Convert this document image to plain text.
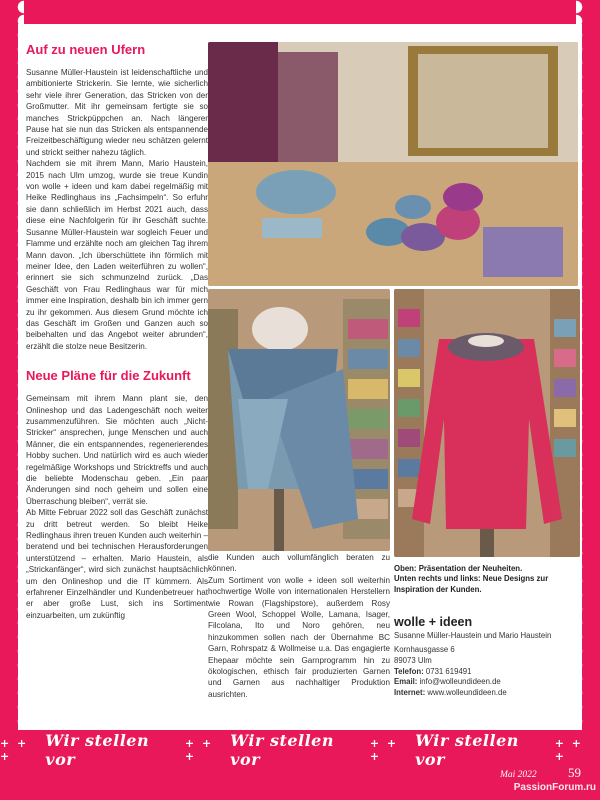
Auf zu neuen Ufern

Susanne Müller-Haustein ist leidenschaftliche und ambitionierte Strickerin. Sie lernte, wie sicherlich sehr viele ihrer Generation, das Stricken von der Großmutter. Mit ihr gemeinsam fertigte sie so manches Strickpüppchen an. Nach längerer Pause hat sie nun das Stricken als entspannende Freizeitbeschäftigung wieder neu schätzen gelernt und strickt seither nahezu täglich.

Nachdem sie mit ihrem Mann, Mario Haustein, 2015 nach Ulm umzog, wurde sie treue Kundin von wolle + ideen und kam dabei regelmäßig mit Heike Redlinghaus ins „Fachsimpeln“. So erfuhr sie dann schließlich im Herbst 2021 auch, dass diese eine Nachfolgerin für ihr Geschäft suchte. Susanne Müller-Haustein war sogleich Feuer und Flamme und erzählte noch am gleichen Tag ihrem Mann davon. „Ich überschüttete ihn förmlich mit meiner Idee, den Laden weiterführen zu wollen“, erinnert sie sich schmunzelnd zurück. „Das Geschäft von Frau Redlinghaus war für mich immer eine Inspiration, deshalb bin ich immer gern zu ihr gekommen. Aus diesem Grund möchte ich das Geschäft im Großen und Ganzen auch so beibehalten und das Angebot weiter abrunden“, erzählt die stolze neue Besitzerin.

Neue Pläne für die Zukunft

Gemeinsam mit ihrem Mann plant sie, den Onlineshop und das Ladengeschäft noch weiter zusammenzuführen. Sie möchten auch „Nicht-Stricker“ ansprechen, junge Menschen und auch Männer, die ein entspannendes, regenerierendes Hobby suchen. Und natürlich wird es auch wieder regelmäßige Workshops und Stricktreffs und auch die beliebte Modenschau geben. „Ein paar Änderungen sind noch geheim und sollen eine Überraschung bleiben“, verrät sie.

Ab Mitte Februar 2022 soll das Geschäft zunächst zu dritt betreut werden. So bleibt Heike Redlinghaus ihren treuen Kunden auch weiterhin – beratend und bei technischen Herausforderungen unterstützend – erhalten. Mario Haustein, als „Strickanfänger“, wird sich zunächst hauptsächlich um den Onlineshop und die IT kümmern. Als erfahrener Einzelhändler und Kundenbetreuer hat er aber große Lust, sich ins Sortiment einzuarbeiten, um zukünftig

die Kunden auch vollumfänglich beraten zu können.

Zum Sortiment von wolle + ideen soll weiterhin hochwertige Wolle von internationalen Herstellern wie Rowan (Flagshipstore), außerdem Rosy Green Wool, Schoppel Wolle, Lamana, Isager, Filcolana, Ito und Noro gehören, neu hinzukommen sollen nach der Übernahme BC Garn, Rohrspatz & Wollmeise u.a. Das engagierte Ehepaar möchte sein Garnprogramm hin zu ökologischen, ethisch fair produzierten Garnen und Garnen aus nachhaltiger Produktion ausrichten.

Oben: Präsentation der Neuheiten.
Unten rechts und links: Neue Designs zur Inspiration der Kunden.
wolle + ideen
Susanne Müller-Haustein und Mario Haustein
Kornhausgasse 6
89073 Ulm
Telefon: 0731 619491
Email: info@wolleundideen.de
Internet: www.wolleundideen.de
+ + +
Wir stellen vor
+ + +
Wir stellen vor
+ + +
Wir stellen vor
+ + +
Mai 2022 59
PassionForum.ru
